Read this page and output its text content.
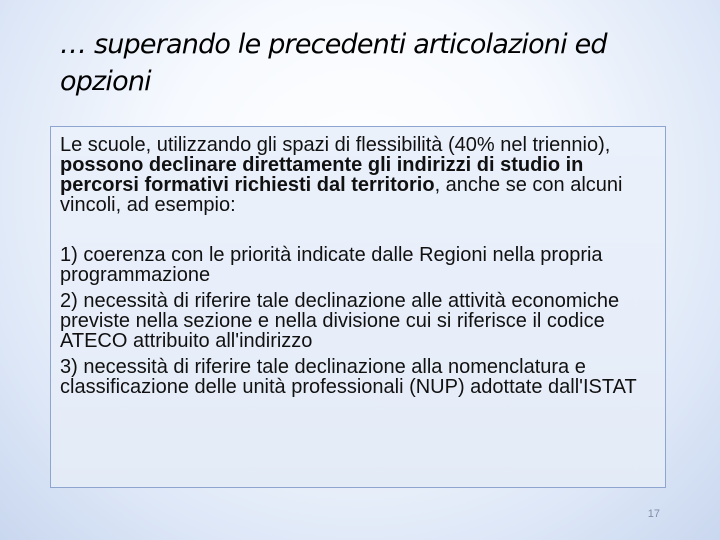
… superando le precedenti articolazioni ed opzioni

Le scuole, utilizzando gli spazi di flessibilità (40% nel triennio), possono declinare direttamente gli indirizzi di studio in percorsi formativi richiesti dal territorio, anche se con alcuni vincoli, ad esempio:

1) coerenza con le priorità indicate dalle Regioni nella propria programmazione

2) necessità di riferire tale declinazione alle attività economiche previste nella sezione e nella divisione cui si riferisce il codice ATECO attribuito all'indirizzo

3) necessità di riferire tale declinazione alla nomenclatura e classificazione delle unità professionali (NUP) adottate dall'ISTAT

17
